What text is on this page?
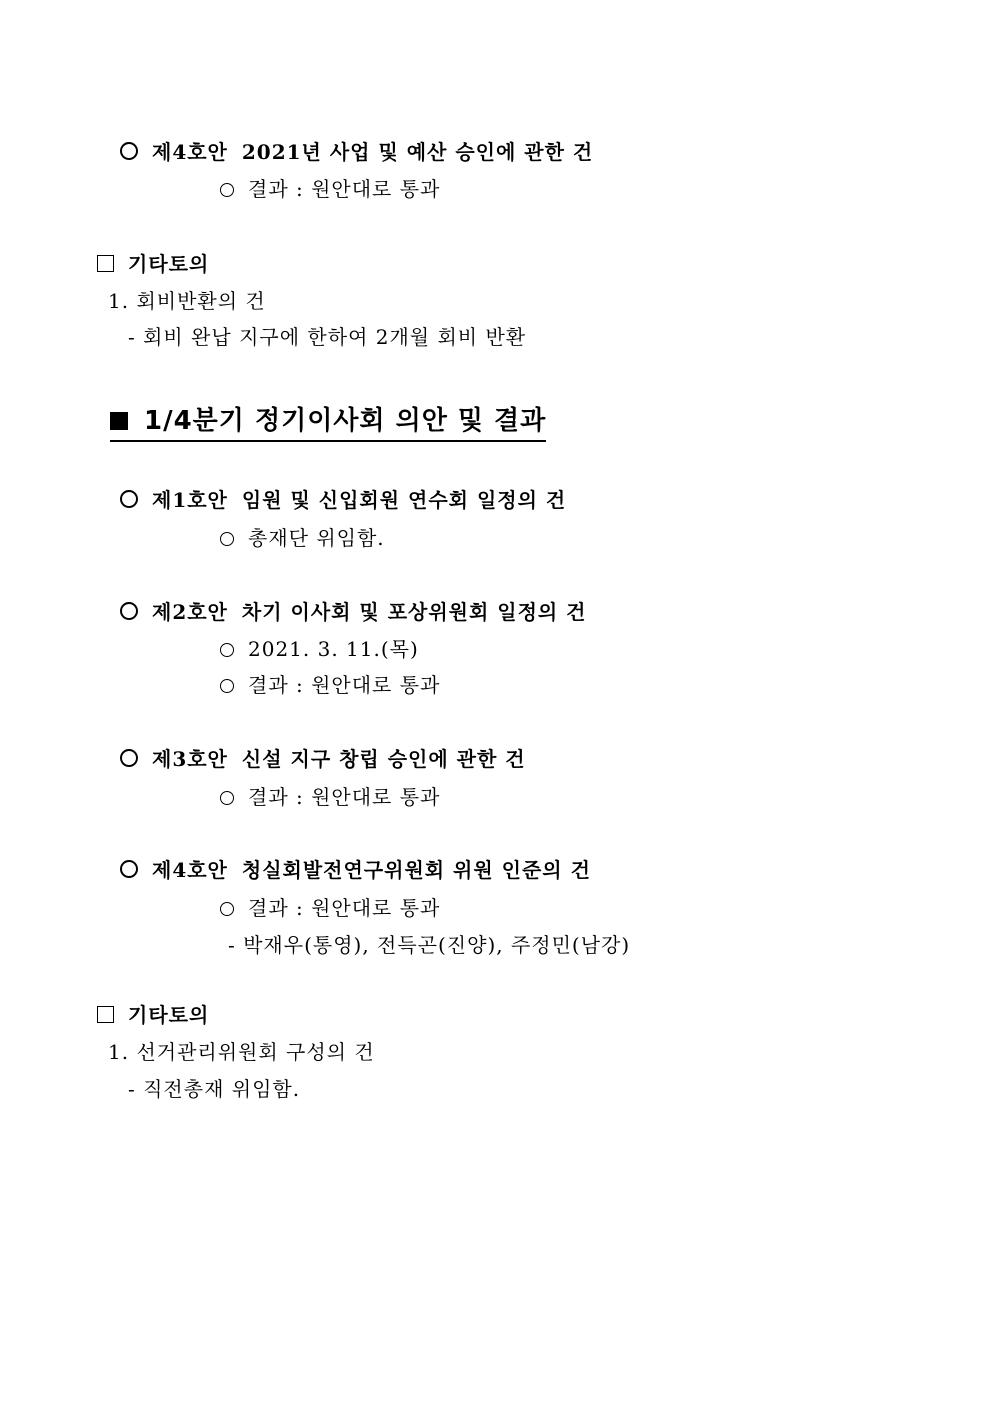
제4호안 2021년 사업 및 예산 승인에 관한 건
결과 : 원안대로 통과
기타토의
1. 회비반환의 건
- 회비 완납 지구에 한하여 2개월 회비 반환
1/4분기 정기이사회 의안 및 결과
제1호안 임원 및 신입회원 연수회 일정의 건
총재단 위임함.
제2호안 차기 이사회 및 포상위원회 일정의 건
2021. 3. 11.(목)
결과 : 원안대로 통과
제3호안 신설 지구 창립 승인에 관한 건
결과 : 원안대로 통과
제4호안 청실회발전연구위원회 위원 인준의 건
결과 : 원안대로 통과
- 박재우(통영), 전득곤(진양), 주정민(남강)
기타토의
1. 선거관리위원회 구성의 건
- 직전총재 위임함.
